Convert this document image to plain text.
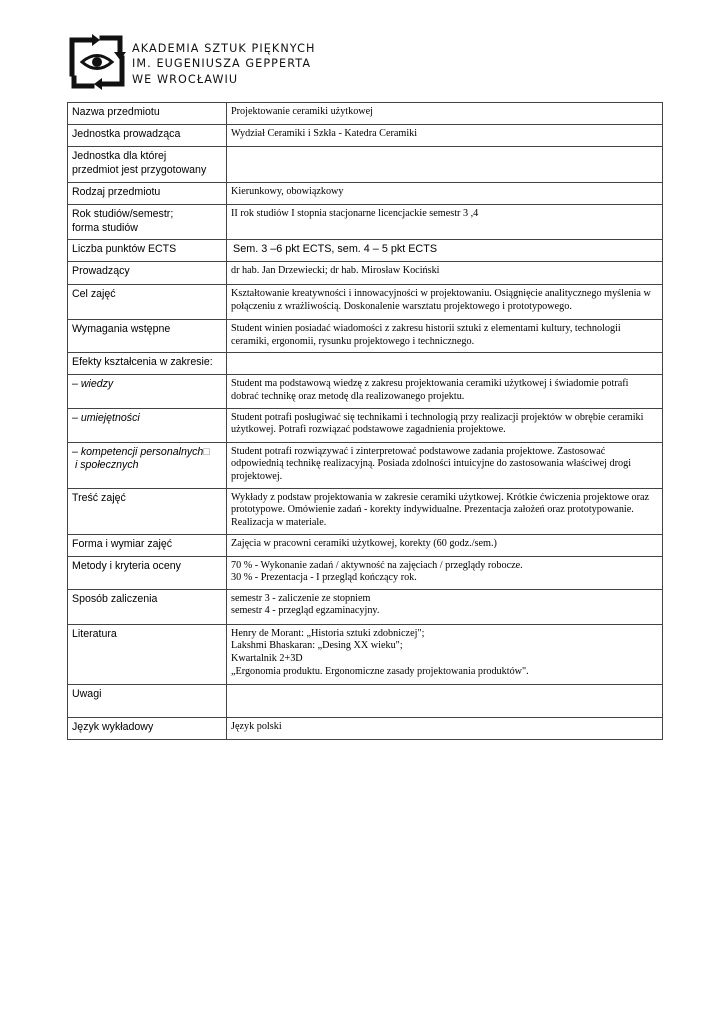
AKADEMIA SZTUK PIĘKNYCH
IM. EUGENIUSZA GEPPERTA
WE WROCŁAWIU
Nazwa przedmiotu	Projektowanie ceramiki użytkowej
Jednostka prowadząca	Wydział Ceramiki i Szkła - Katedra Ceramiki

Jednostka dla której
przedmiot jest przygotowany	

Rodzaj przedmiotu	Kierunkowy, obowiązkowy

Rok studiów/semestr;
forma studiów	II rok studiów I stopnia stacjonarne licencjackie semestr 3 ,4
Liczba punktów ECTS	Sem. 3 –6 pkt ECTS, sem. 4 – 5 pkt ECTS
Prowadzący	dr hab. Jan Drzewiecki; dr hab. Mirosław Kociński
Cel zajęć	Kształtowanie kreatywności i innowacyjności w projektowaniu. Osiągnięcie analitycznego myślenia w połączeniu z wrażliwością. Doskonalenie warsztatu projektowego i prototypowego.
Wymagania wstępne	Student winien posiadać wiadomości z zakresu historii sztuki z elementami kultury, technologii ceramiki, ergonomii, rysunku projektowego i technicznego.
Efekty kształcenia w zakresie:	
– wiedzy	Student ma podstawową wiedzę z zakresu projektowania ceramiki użytkowej i świadomie potrafi dobrać technikę oraz metodę dla realizowanego projektu.
– umiejętności	Student potrafi posługiwać się technikami i technologią przy realizacji projektów w obrębie ceramiki użytkowej. Potrafi rozwiązać podstawowe zagadnienia projektowe.

– kompetencji personalnych□
i społecznych	Student potrafi rozwiązywać i zinterpretować podstawowe zadania projektowe. Zastosować odpowiednią technikę realizacyjną. Posiada zdolności intuicyjne do zastosowania właściwej drogi projektowej.
Treść zajęć	Wykłady z podstaw projektowania w zakresie ceramiki użytkowej. Krótkie ćwiczenia projektowe oraz prototypowe. Omówienie zadań - korekty indywidualne. Prezentacja założeń oraz prototypowanie. Realizacja w materiale.
Forma i wymiar zajęć	Zajęcia w pracowni ceramiki użytkowej, korekty (60 godz./sem.)
Metody i kryteria oceny	70 % - Wykonanie zadań / aktywność na zajęciach / przeglądy robocze.
30 % - Prezentacja - I przegląd kończący rok.

Sposób zaliczenia	semestr 3 - zaliczenie ze stopniem
semestr 4 - przegląd egzaminacyjny.

Literatura	Henry de Morant: „Historia sztuki zdobniczej";
Lakshmi Bhaskaran: „Desing XX wieku";
Kwartalnik 2+3D
„Ergonomia produktu. Ergonomiczne zasady projektowania produktów".

Uwagi	
Język wykładowy	Język polski
